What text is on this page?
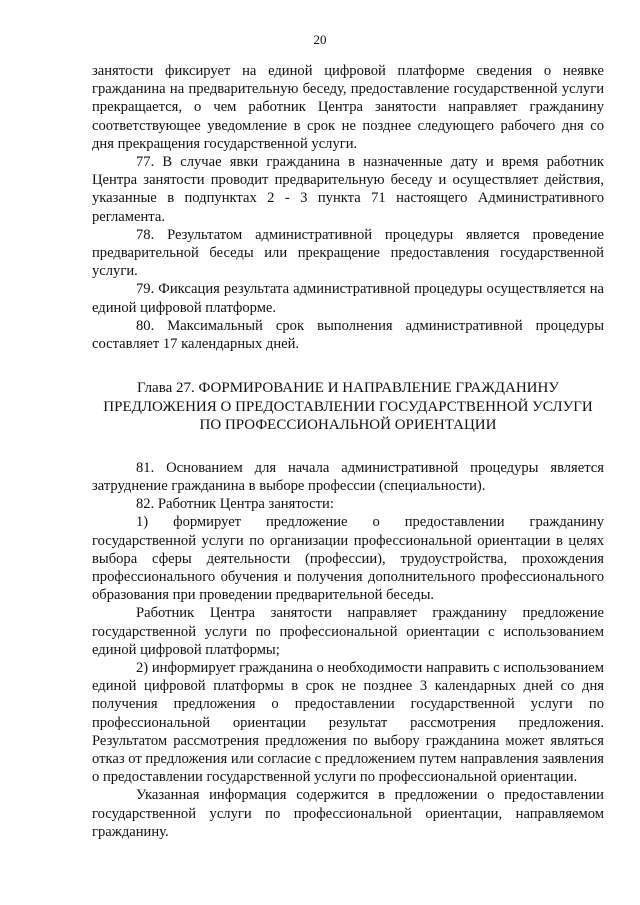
20

занятости фиксирует на единой цифровой платформе сведения о неявке гражданина на предварительную беседу, предоставление государственной услуги прекращается, о чем работник Центра занятости направляет гражданину соответствующее уведомление в срок не позднее следующего рабочего дня со дня прекращения государственной услуги.

77. В случае явки гражданина в назначенные дату и время работник Центра занятости проводит предварительную беседу и осуществляет действия, указанные в подпунктах 2 - 3 пункта 71 настоящего Административного регламента.

78. Результатом административной процедуры является проведение предварительной беседы или прекращение предоставления государственной услуги.

79. Фиксация результата административной процедуры осуществляется на единой цифровой платформе.

80. Максимальный срок выполнения административной процедуры составляет 17 календарных дней.

Глава 27. ФОРМИРОВАНИЕ И НАПРАВЛЕНИЕ ГРАЖДАНИНУ
ПРЕДЛОЖЕНИЯ О ПРЕДОСТАВЛЕНИИ ГОСУДАРСТВЕННОЙ УСЛУГИ
ПО ПРОФЕССИОНАЛЬНОЙ ОРИЕНТАЦИИ

81. Основанием для начала административной процедуры является затруднение гражданина в выборе профессии (специальности).

82. Работник Центра занятости:

1) формирует предложение о предоставлении гражданину государственной услуги по организации профессиональной ориентации в целях выбора сферы деятельности (профессии), трудоустройства, прохождения профессионального обучения и получения дополнительного профессионального образования при проведении предварительной беседы.

Работник Центра занятости направляет гражданину предложение государственной услуги по профессиональной ориентации с использованием единой цифровой платформы;

2) информирует гражданина о необходимости направить с использованием единой цифровой платформы в срок не позднее 3 календарных дней со дня получения предложения о предоставлении государственной услуги по профессиональной ориентации результат рассмотрения предложения. Результатом рассмотрения предложения по выбору гражданина может являться отказ от предложения или согласие с предложением путем направления заявления о предоставлении государственной услуги по профессиональной ориентации.

Указанная информация содержится в предложении о предоставлении государственной услуги по профессиональной ориентации, направляемом гражданину.
